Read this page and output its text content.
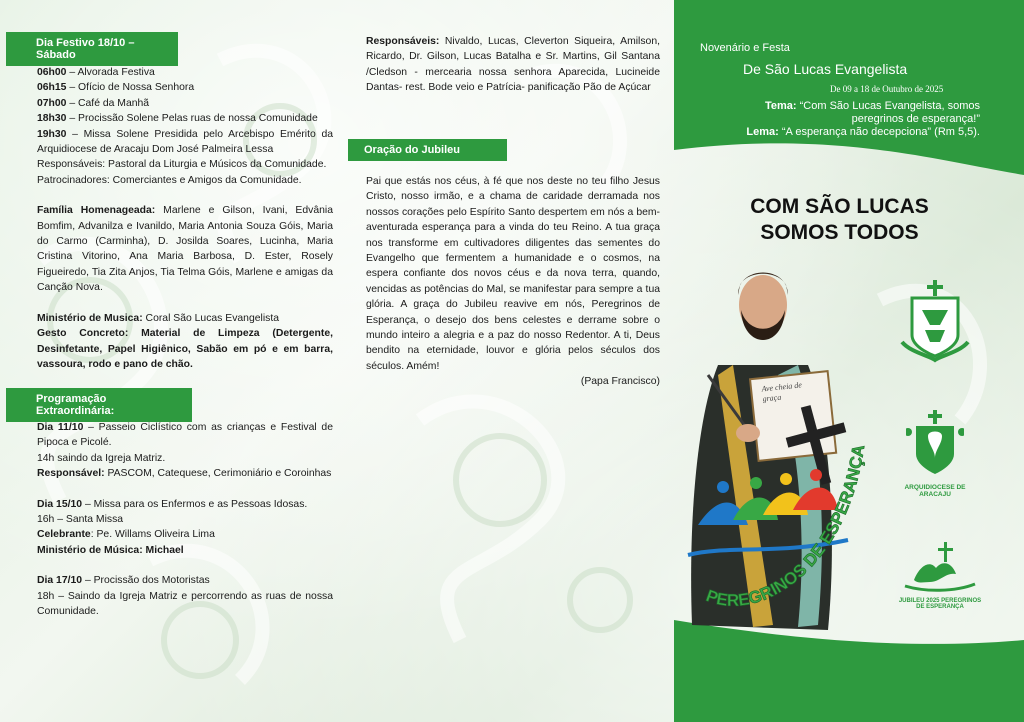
Dia Festivo 18/10 – Sábado

06h00 – Alvorada Festiva

06h15 – Ofício de Nossa Senhora

07h00 – Café da Manhã

18h30 – Procissão Solene Pelas ruas de nossa Comunidade

19h30 – Missa Solene Presidida pelo Arcebispo Emérito da Arquidiocese de Aracaju Dom José Palmeira Lessa

Responsáveis: Pastoral da Liturgia e Músicos da Comunidade.

Patrocinadores: Comerciantes e Amigos da Comunidade.

Família Homenageada: Marlene e Gilson, Ivani, Edvânia Bomfim, Advanilza e Ivanildo, Maria Antonia Souza Góis, Maria do Carmo (Carminha), D. Josilda Soares, Lucinha, Maria Cristina Vitorino, Ana Maria Barbosa, D. Ester, Rosely Figueiredo, Tia Zita Anjos, Tia Telma Góis, Marlene e amigas da Canção Nova.

Ministério de Musica: Coral São Lucas Evangelista

Gesto Concreto: Material de Limpeza (Detergente, Desinfetante, Papel Higiênico, Sabão em pó e em barra, vassoura, rodo e pano de chão.

Programação Extraordinária:

Dia 11/10 – Passeio Ciclístico com as crianças e Festival de Pipoca e Picolé.

14h saindo da Igreja Matriz.

Responsável: PASCOM, Catequese, Cerimoniário e Coroinhas

Dia 15/10 – Missa para os Enfermos e as Pessoas Idosas.

16h – Santa Missa

Celebrante: Pe. Willams Oliveira Lima

Ministério de Música: Michael

Dia 17/10 – Procissão dos Motoristas

18h – Saindo da Igreja Matriz e percorrendo as ruas de nossa Comunidade.

Responsáveis: Nivaldo, Lucas, Cleverton Siqueira, Amilson, Ricardo, Dr. Gilson, Lucas Batalha e Sr. Martins, Gil Santana /Cledson - mercearia nossa senhora Aparecida, Lucineide Dantas- rest. Bode veio e Patrícia- panificação Pão de Açúcar

Oração do Jubileu

Pai que estás nos céus, à fé que nos deste no teu filho Jesus Cristo, nosso irmão, e a chama de caridade derramada nos nossos corações pelo Espírito Santo despertem em nós a bem-aventurada esperança para a vinda do teu Reino. A tua graça nos transforme em cultivadores diligentes das sementes do Evangelho que fermentem a humanidade e o cosmos, na espera confiante dos novos céus e da nova terra, quando, vencidas as potências do Mal, se manifestar para sempre a tua glória. A graça do Jubileu reavive em nós, Peregrinos de Esperança, o desejo dos bens celestes e derrame sobre o mundo inteiro a alegria e a paz do nosso Redentor. A ti, Deus bendito na eternidade, louvor e glória pelos séculos dos séculos. Amém!

(Papa Francisco)

Novenário e Festa
De São Lucas Evangelista
De 09 a 18 de Outubro de 2025
Tema: “Com São Lucas Evangelista, somos peregrinos de esperança!”
Lema: “A esperança não decepciona” (Rm 5,5).
COM SÃO LUCAS
SOMOS TODOS
Ave cheia de graça
PEREGRINOS DE ESPERANÇA
ARQUIDIOCESE DE ARACAJU
JUBILEU 2025 PEREGRINOS DE ESPERANÇA
